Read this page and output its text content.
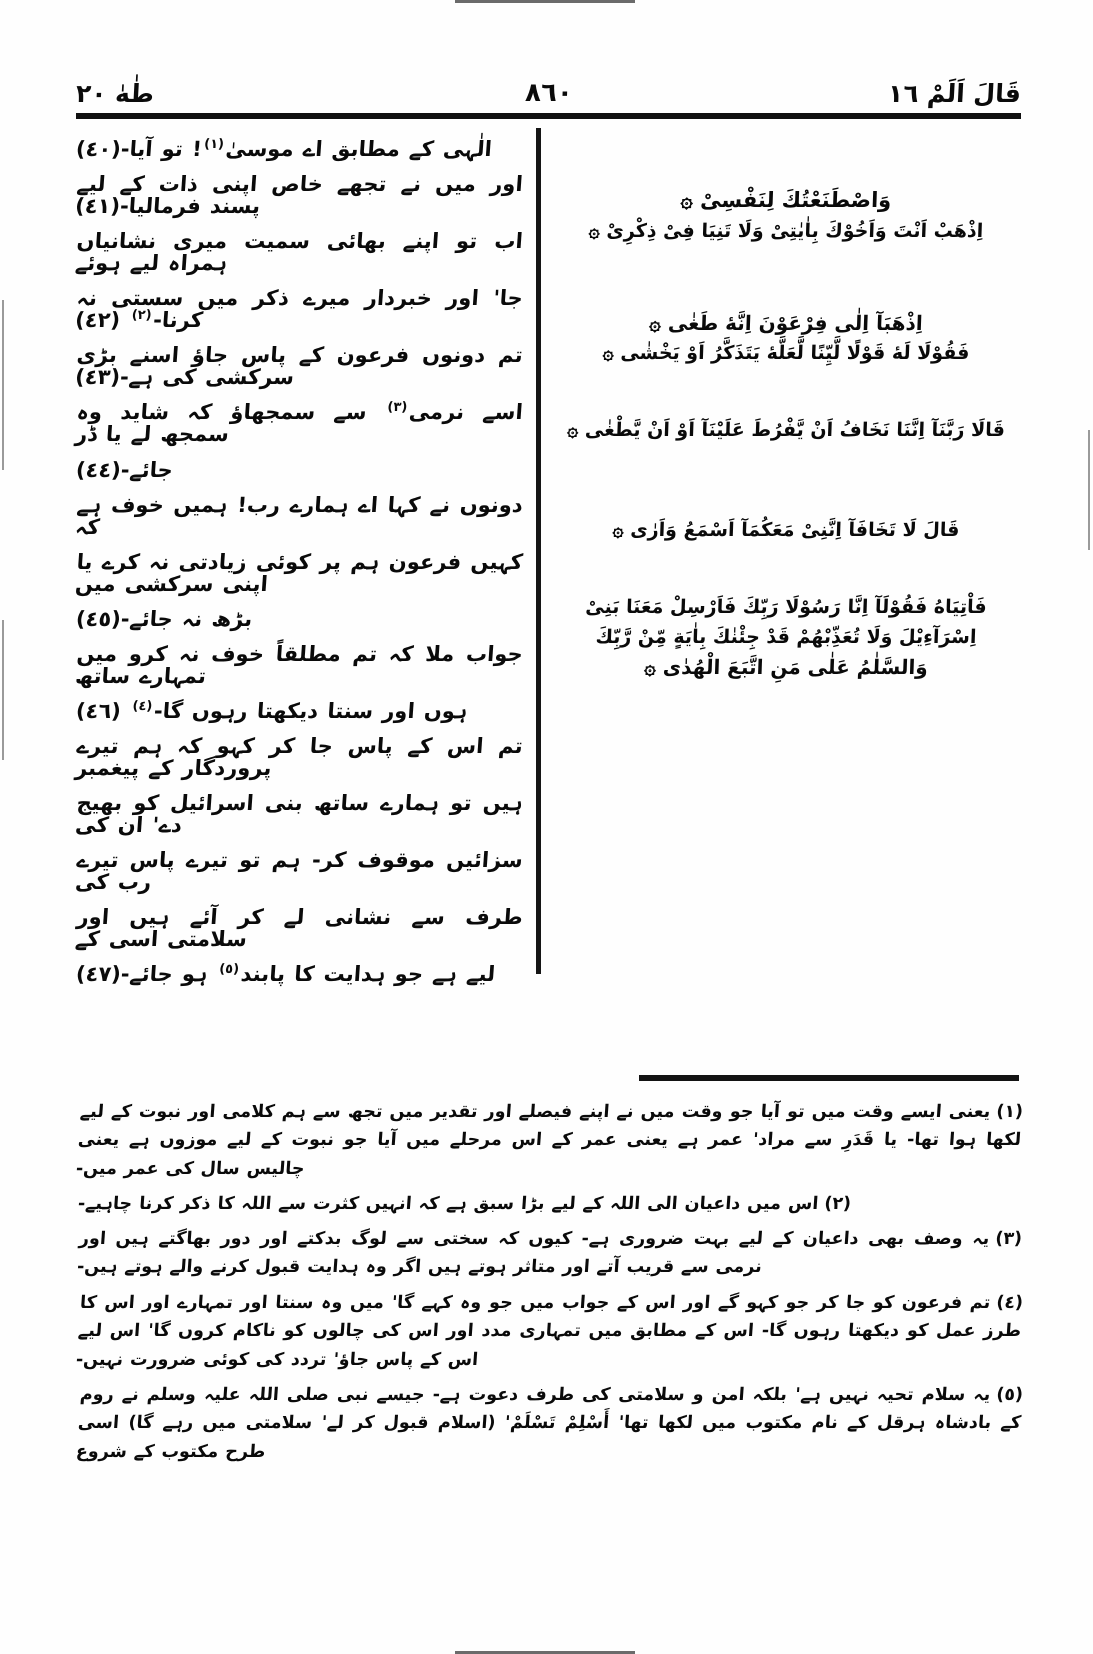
قَالَ اَلَمْ ١٦
٨٦٠
طٰهٰ ٢٠
وَاصْطَنَعْتُكَ لِنَفْسِىْ ۞
اِذْهَبْ اَنْتَ وَاَخُوْكَ بِاٰيٰتِىْ وَلَا تَنِيَا فِىْ ذِكْرِىْ ۞
اِذْهَبَآ اِلٰى فِرْعَوْنَ اِنَّهٔ طَغٰى ۞
فَقُوْلَا لَهٔ قَوْلًا لَّيِّنًا لَّعَلَّهٔ يَتَذَكَّرُ اَوْ يَخْشٰى ۞
قَالَا رَبَّنَآ اِنَّنَا نَخَافُ اَنْ يَّفْرُطَ عَلَيْنَآ اَوْ اَنْ يَّطْغٰى ۞
قَالَ لَا تَخَافَآ اِنَّنِىْ مَعَكُمَآ اَسْمَعُ وَاَرٰى ۞
فَاْتِيَاهُ فَقُوْلَآ اِنَّا رَسُوْلَا رَبِّكَ فَاَرْسِلْ مَعَنَا بَنِىْ
اِسْرَآءِيْلَ وَلَا تُعَذِّبْهُمْ قَدْ جِئْنٰكَ بِاٰيَةٍ مِّنْ رَّبِّكَ
وَالسَّلٰمُ عَلٰى مَنِ اتَّبَعَ الْهُدٰى ۞
الٰہی کے مطابق اے موسیٰ$^{(١)}$! تو آیا-(٤٠)
اور میں نے تجھے خاص اپنی ذات کے لیے پسند فرمالیا-(٤١)
اب تو اپنے بھائی سمیت میری نشانیاں ہمراہ لیے ہوئے
جا' اور خبردار میرے ذکر میں سستی نہ کرنا-$^{(٢)}$ (٤٢)
تم دونوں فرعون کے پاس جاؤ اسنے بڑی سرکشی کی ہے-(٤٣)
اسے نرمی$^{(٣)}$ سے سمجھاؤ کہ شاید وہ سمجھ لے یا ڈر
جائے-(٤٤)
دونوں نے کہا اے ہمارے رب! ہمیں خوف ہے کہ
کہیں فرعون ہم پر کوئی زیادتی نہ کرے یا اپنی سرکشی میں
بڑھ نہ جائے-(٤٥)
جواب ملا کہ تم مطلقاً خوف نہ کرو میں تمہارے ساتھ
ہوں اور سنتا دیکھتا رہوں گا-$^{(٤)}$ (٤٦)
تم اس کے پاس جا کر کہو کہ ہم تیرے پروردگار کے پیغمبر
ہیں تو ہمارے ساتھ بنی اسرائیل کو بھیج دے' ان کی
سزائیں موقوف کر- ہم تو تیرے پاس تیرے رب کی
طرف سے نشانی لے کر آئے ہیں اور سلامتی اسی کے
لیے ہے جو ہدایت کا پابند$^{(٥)}$ ہو جائے-(٤٧)
(١)یعنی ایسے وقت میں تو آیا جو وقت میں نے اپنے فیصلے اور تقدیر میں تجھ سے ہم کلامی اور نبوت کے لیے لکھا ہوا تھا- یا قَدَرِ سے مراد' عمر ہے یعنی عمر کے اس مرحلے میں آیا جو نبوت کے لیے موزوں ہے یعنی چالیس سال کی عمر میں-
(٢)اس میں داعیان الی اللہ کے لیے بڑا سبق ہے کہ انہیں کثرت سے اللہ کا ذکر کرنا چاہیے-
(٣)یہ وصف بھی داعیان کے لیے بہت ضروری ہے- کیوں کہ سختی سے لوگ بدکتے اور دور بھاگتے ہیں اور نرمی سے قریب آتے اور متاثر ہوتے ہیں اگر وہ ہدایت قبول کرنے والے ہوتے ہیں-
(٤)تم فرعون کو جا کر جو کہو گے اور اس کے جواب میں جو وہ کہے گا' میں وہ سنتا اور تمہارے اور اس کا طرز عمل کو دیکھتا رہوں گا- اس کے مطابق میں تمہاری مدد اور اس کی چالوں کو ناکام کروں گا' اس لیے اس کے پاس جاؤ' تردد کی کوئی ضرورت نہیں-
(٥)یہ سلام تحیہ نہیں ہے' بلکہ امن و سلامتی کی طرف دعوت ہے- جیسے نبی صلی اللہ علیہ وسلم نے روم کے بادشاہ ہرقل کے نام مکتوب میں لکھا تھا' ﺃَسْلِمْ تَسْلَمْ' (اسلام قبول کر لے' سلامتی میں رہے گا) اسی طرح مکتوب کے شروع
